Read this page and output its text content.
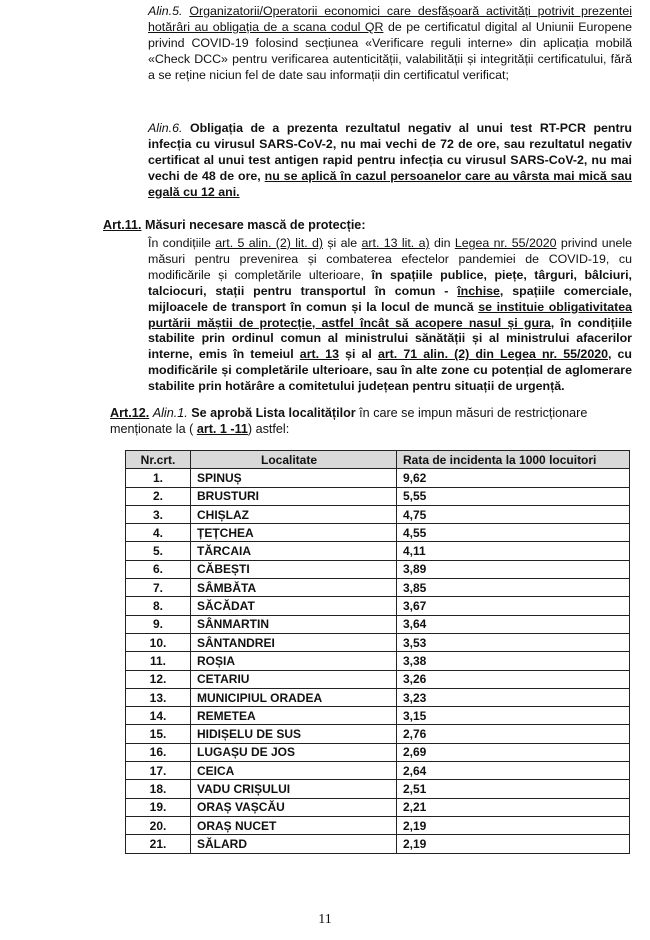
Alin.5. Organizatorii/Operatorii economici care desfășoară activități potrivit prezentei hotărâri au obligația de a scana codul QR de pe certificatul digital al Uniunii Europene privind COVID-19 folosind secțiunea «Verificare reguli interne» din aplicația mobilă «Check DCC» pentru verificarea autenticității, valabilității și integrității certificatului, fără a se reține niciun fel de date sau informații din certificatul verificat;
Alin.6. Obligația de a prezenta rezultatul negativ al unui test RT-PCR pentru infecția cu virusul SARS-CoV-2, nu mai vechi de 72 de ore, sau rezultatul negativ certificat al unui test antigen rapid pentru infecția cu virusul SARS-CoV-2, nu mai vechi de 48 de ore, nu se aplică în cazul persoanelor care au vârsta mai mică sau egală cu 12 ani.
Art.11. Măsuri necesare mască de protecție:
În condițiile art. 5 alin. (2) lit. d) și ale art. 13 lit. a) din Legea nr. 55/2020 privind unele măsuri pentru prevenirea și combaterea efectelor pandemiei de COVID-19, cu modificările și completările ulterioare, în spațiile publice, piețe, târguri, bâlciuri, talciocuri, stații pentru transportul în comun - închise, spațiile comerciale, mijloacele de transport în comun și la locul de muncă se instituie obligativitatea purtării măștii de protecție, astfel încât să acopere nasul și gura, în condițiile stabilite prin ordinul comun al ministrului sănătății și al ministrului afacerilor interne, emis în temeiul art. 13 și al art. 71 alin. (2) din Legea nr. 55/2020, cu modificările și completările ulterioare, sau în alte zone cu potențial de aglomerare stabilite prin hotărâre a comitetului județean pentru situații de urgență.
Art.12. Alin.1. Se aprobă Lista localităților în care se impun măsuri de restricționare menționate la ( art. 1 -11) astfel:
Nr.crt.	Localitate	Rata de incidenta la 1000 locuitori
1.	SPINUȘ	9,62
2.	BRUSTURI	5,55
3.	CHIȘLAZ	4,75
4.	ȚEȚCHEA	4,55
5.	TĂRCAIA	4,11
6.	CĂBEȘTI	3,89
7.	SÂMBĂTA	3,85
8.	SĂCĂDAT	3,67
9.	SÂNMARTIN	3,64
10.	SÂNTANDREI	3,53
11.	ROȘIA	3,38
12.	CETARIU	3,26
13.	MUNICIPIUL ORADEA	3,23
14.	REMETEA	3,15
15.	HIDIȘELU DE SUS	2,76
16.	LUGAȘU DE JOS	2,69
17.	CEICA	2,64
18.	VADU CRIȘULUI	2,51
19.	ORAȘ VAȘCĂU	2,21
20.	ORAȘ NUCET	2,19
21.	SĂLARD	2,19
11
